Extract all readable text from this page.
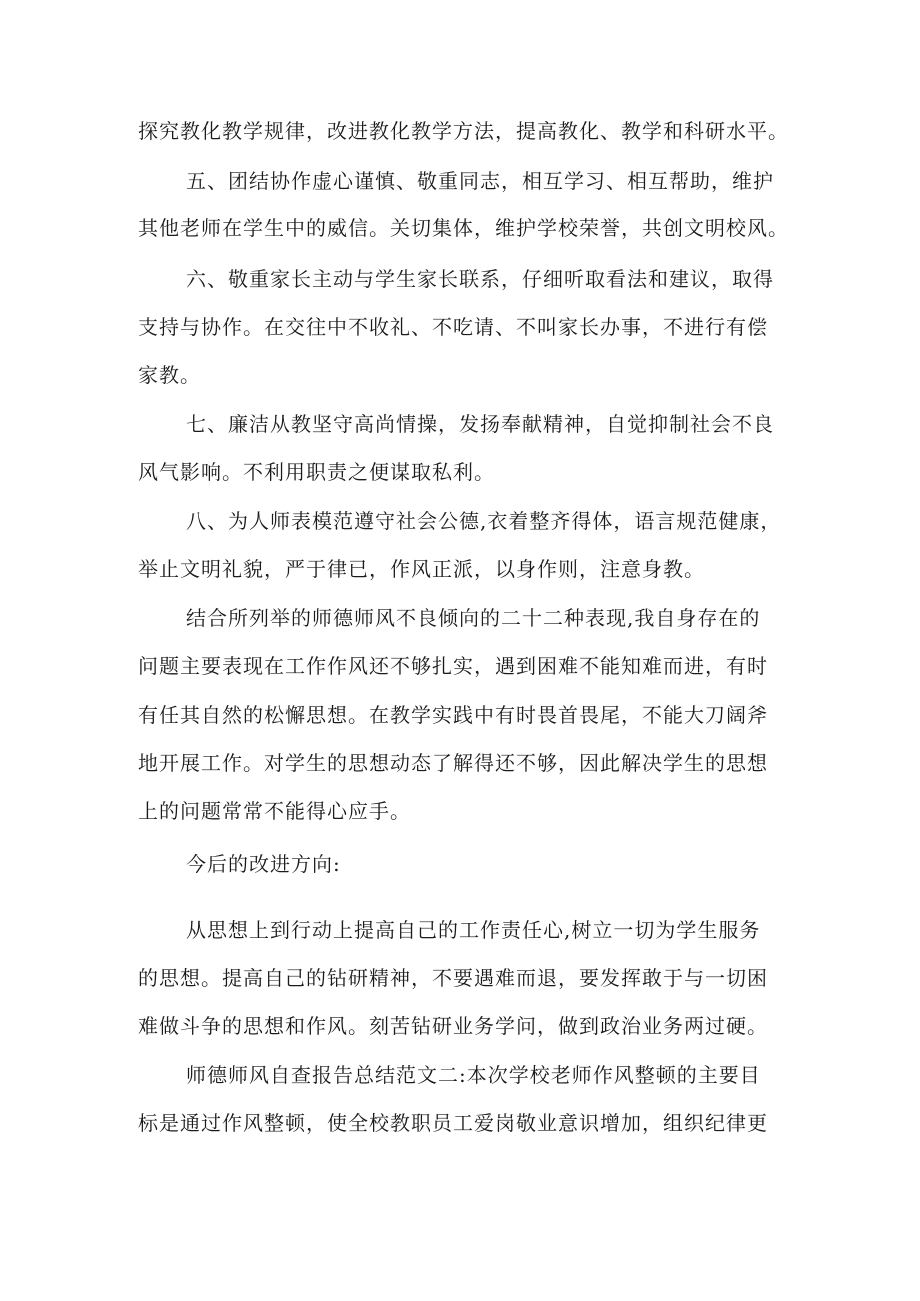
探究教化教学规律，改进教化教学方法，提高教化、教学和科研水平。
五、团结协作虚心谨慎、敬重同志，相互学习、相互帮助，维护
其他老师在学生中的威信。关切集体，维护学校荣誉，共创文明校风。
六、敬重家长主动与学生家长联系，仔细听取看法和建议，取得
支持与协作。在交往中不收礼、不吃请、不叫家长办事，不进行有偿
家教。
七、廉洁从教坚守高尚情操，发扬奉献精神，自觉抑制社会不良
风气影响。不利用职责之便谋取私利。
八、为人师表模范遵守社会公德,衣着整齐得体，语言规范健康，
举止文明礼貌，严于律已，作风正派，以身作则，注意身教。
结合所列举的师德师风不良倾向的二十二种表现,我自身存在的
问题主要表现在工作作风还不够扎实，遇到困难不能知难而进，有时
有任其自然的松懈思想。在教学实践中有时畏首畏尾，不能大刀阔斧
地开展工作。对学生的思想动态了解得还不够，因此解决学生的思想
上的问题常常不能得心应手。
今后的改进方向:
从思想上到行动上提高自己的工作责任心,树立一切为学生服务
的思想。提高自己的钻研精神，不要遇难而退，要发挥敢于与一切困
难做斗争的思想和作风。刻苦钻研业务学问，做到政治业务两过硬。
师德师风自查报告总结范文二:本次学校老师作风整顿的主要目
标是通过作风整顿，使全校教职员工爱岗敬业意识增加，组织纪律更
